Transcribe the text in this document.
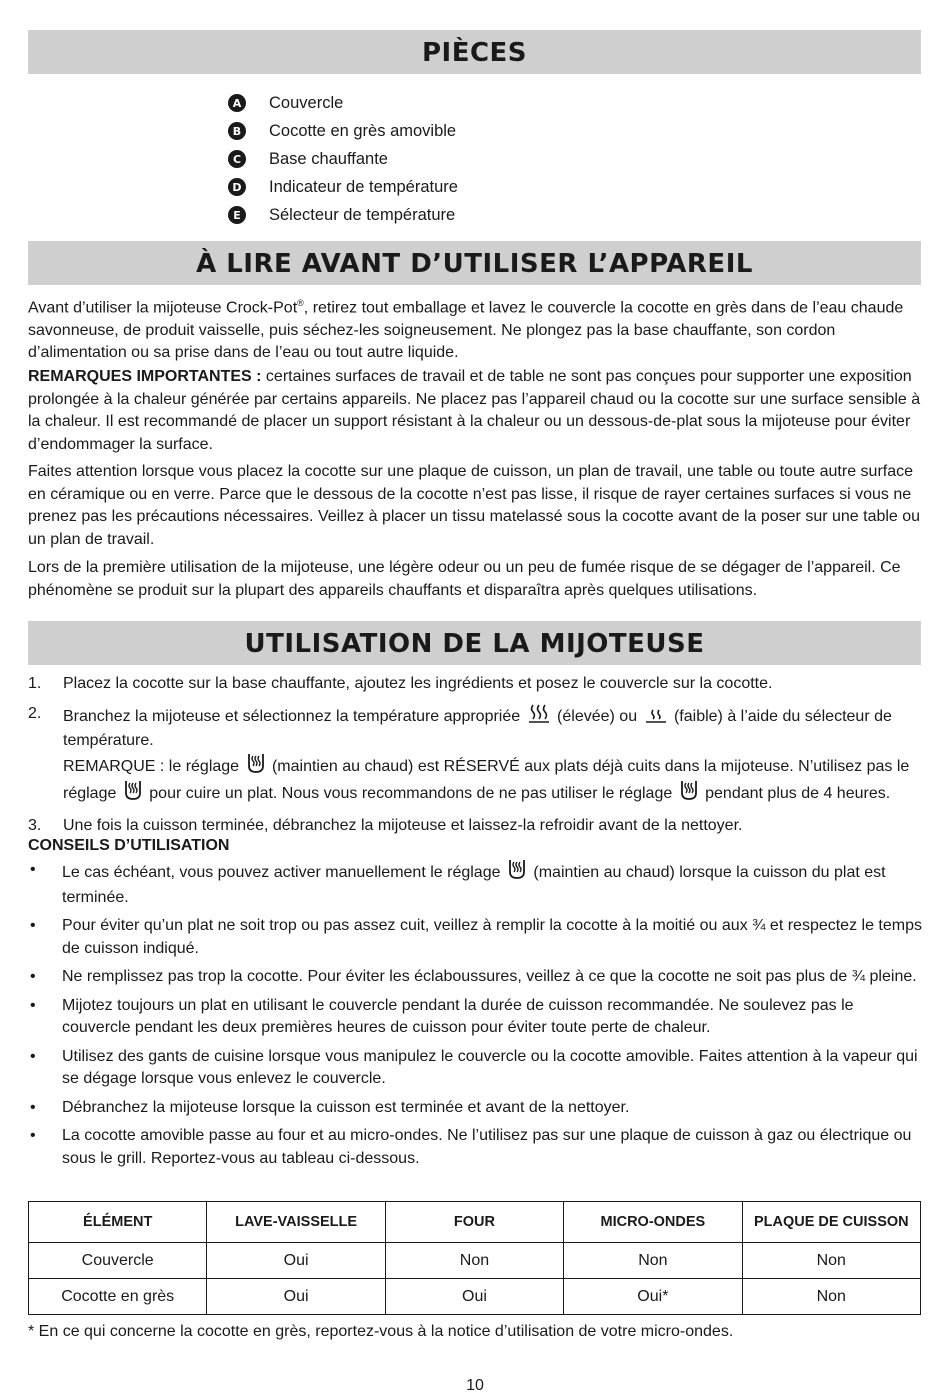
PIÈCES
A Couvercle
B Cocotte en grès amovible
C	Base chauffante
D Indicateur de température
E	Sélecteur de température
À LIRE AVANT D’UTILISER L’APPAREIL

Avant d’utiliser la mijoteuse Crock-Pot®, retirez tout emballage et lavez le couvercle la cocotte en grès dans de l’eau chaude savonneuse, de produit vaisselle, puis séchez-les soigneusement. Ne plongez pas la base chauffante, son cordon d’alimentation ou sa prise dans de l’eau ou tout autre liquide.

REMARQUES IMPORTANTES : certaines surfaces de travail et de table ne sont pas conçues pour supporter une exposition prolongée à la chaleur générée par certains appareils. Ne placez pas l’appareil chaud ou la cocotte sur une surface sensible à la chaleur. Il est recommandé de placer un support résistant à la chaleur ou un dessous-de-plat sous la mijoteuse pour éviter d’endommager la surface.

Faites attention lorsque vous placez la cocotte sur une plaque de cuisson, un plan de travail, une table ou toute autre surface en céramique ou en verre. Parce que le dessous de la cocotte n’est pas lisse, il risque de rayer certaines surfaces si vous ne prenez pas les précautions nécessaires. Veillez à placer un tissu matelassé sous la cocotte avant de la poser sur une table ou un plan de travail.
Lors de la première utilisation de la mijoteuse, une légère odeur ou un peu de fumée risque de se dégager de l’appareil. Ce phénomène se produit sur la plupart des appareils chauffants et disparaîtra après quelques utilisations.
UTILISATION DE LA MIJOTEUSE
1. Placez la cocotte sur la base chauffante, ajoutez les ingrédients et posez le couvercle sur la cocotte.
2. Branchez la mijoteuse et sélectionnez la température appropriée  (élevée) ou  (faible) à l’aide du sélecteur de température.
REMARQUE : le réglage  (maintien au chaud) est RÉSERVÉ aux plats déjà cuits dans la mijoteuse. N’utilisez pas le réglage  pour cuire un plat. Nous vous recommandons de ne pas utiliser le réglage  pendant plus de 4 heures.
3. Une fois la cuisson terminée, débranchez la mijoteuse et laissez-la refroidir avant de la nettoyer.
CONSEILS D’UTILISATION
• Le cas échéant, vous pouvez activer manuellement le réglage  (maintien au chaud) lorsque la cuisson du plat est terminée.
• Pour éviter qu’un plat ne soit trop ou pas assez cuit, veillez à remplir la cocotte à la moitié ou aux ¾ et respectez le temps de cuisson indiqué.
• Ne remplissez pas trop la cocotte. Pour éviter les éclaboussures, veillez à ce que la cocotte ne soit pas plus de ¾ pleine.
• Mijotez toujours un plat en utilisant le couvercle pendant la durée de cuisson recommandée. Ne soulevez pas le couvercle pendant les deux premières heures de cuisson pour éviter toute perte de chaleur.
• Utilisez des gants de cuisine lorsque vous manipulez le couvercle ou la cocotte amovible. Faites attention à la vapeur qui se dégage lorsque vous enlevez le couvercle.
• Débranchez la mijoteuse lorsque la cuisson est terminée et avant de la nettoyer.
• La cocotte amovible passe au four et au micro-ondes. Ne l’utilisez pas sur une plaque de cuisson à gaz ou électrique ou sous le grill. Reportez-vous au tableau ci-dessous.
ÉLÉMENT	LAVE-VAISSELLE	FOUR	MICRO-ONDES	PLAQUE DE CUISSON
Couvercle	Oui	Non	Non	Non
Cocotte en grès	Oui	Oui	Oui*	Non
* En ce qui concerne la cocotte en grès, reportez-vous à la notice d’utilisation de votre micro-ondes.
10
